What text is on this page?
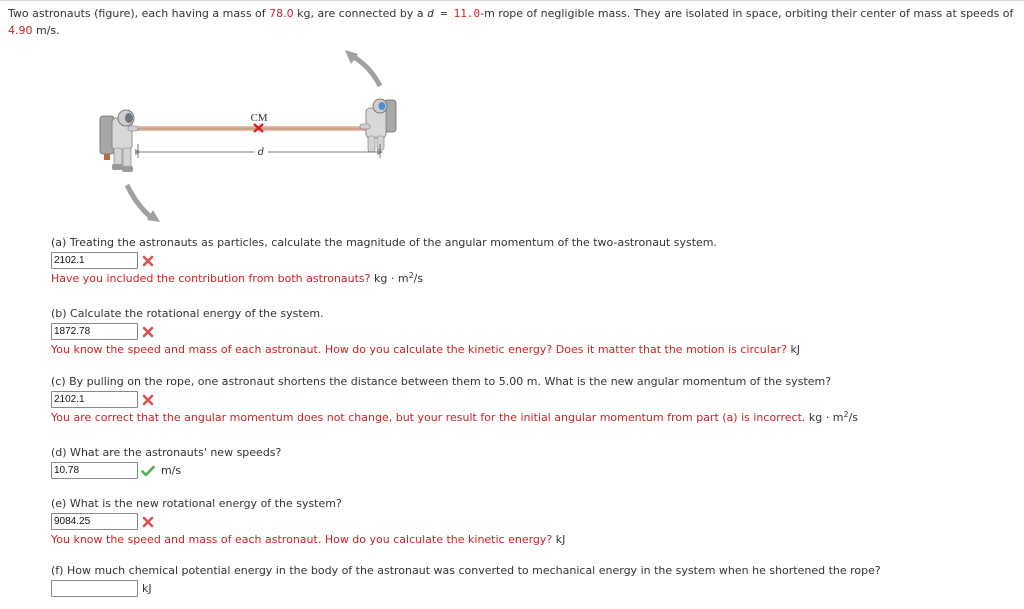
Two astronauts (figure), each having a mass of 78.0 kg, are connected by a d = 11.0-m rope of negligible mass. They are isolated in space, orbiting their center of mass at speeds of
4.90 m/s.
d
CM
(a) Treating the astronauts as particles, calculate the magnitude of the angular momentum of the two-astronaut system.
2102.1
Have you included the contribution from both astronauts? kg · $m^2/s$
(b) Calculate the rotational energy of the system.
1872.78
You know the speed and mass of each astronaut. How do you calculate the kinetic energy? Does it matter that the motion is circular? kJ
(c) By pulling on the rope, one astronaut shortens the distance between them to 5.00 m. What is the new angular momentum of the system?
2102.1
You are correct that the angular momentum does not change, but your result for the initial angular momentum from part (a) is incorrect. kg · $m^2/s$
(d) What are the astronauts' new speeds?
10.78	m/s
(e) What is the new rotational energy of the system?
9084.25
You know the speed and mass of each astronaut. How do you calculate the kinetic energy? kJ
(f) How much chemical potential energy in the body of the astronaut was converted to mechanical energy in the system when he shortened the rope?
kJ
